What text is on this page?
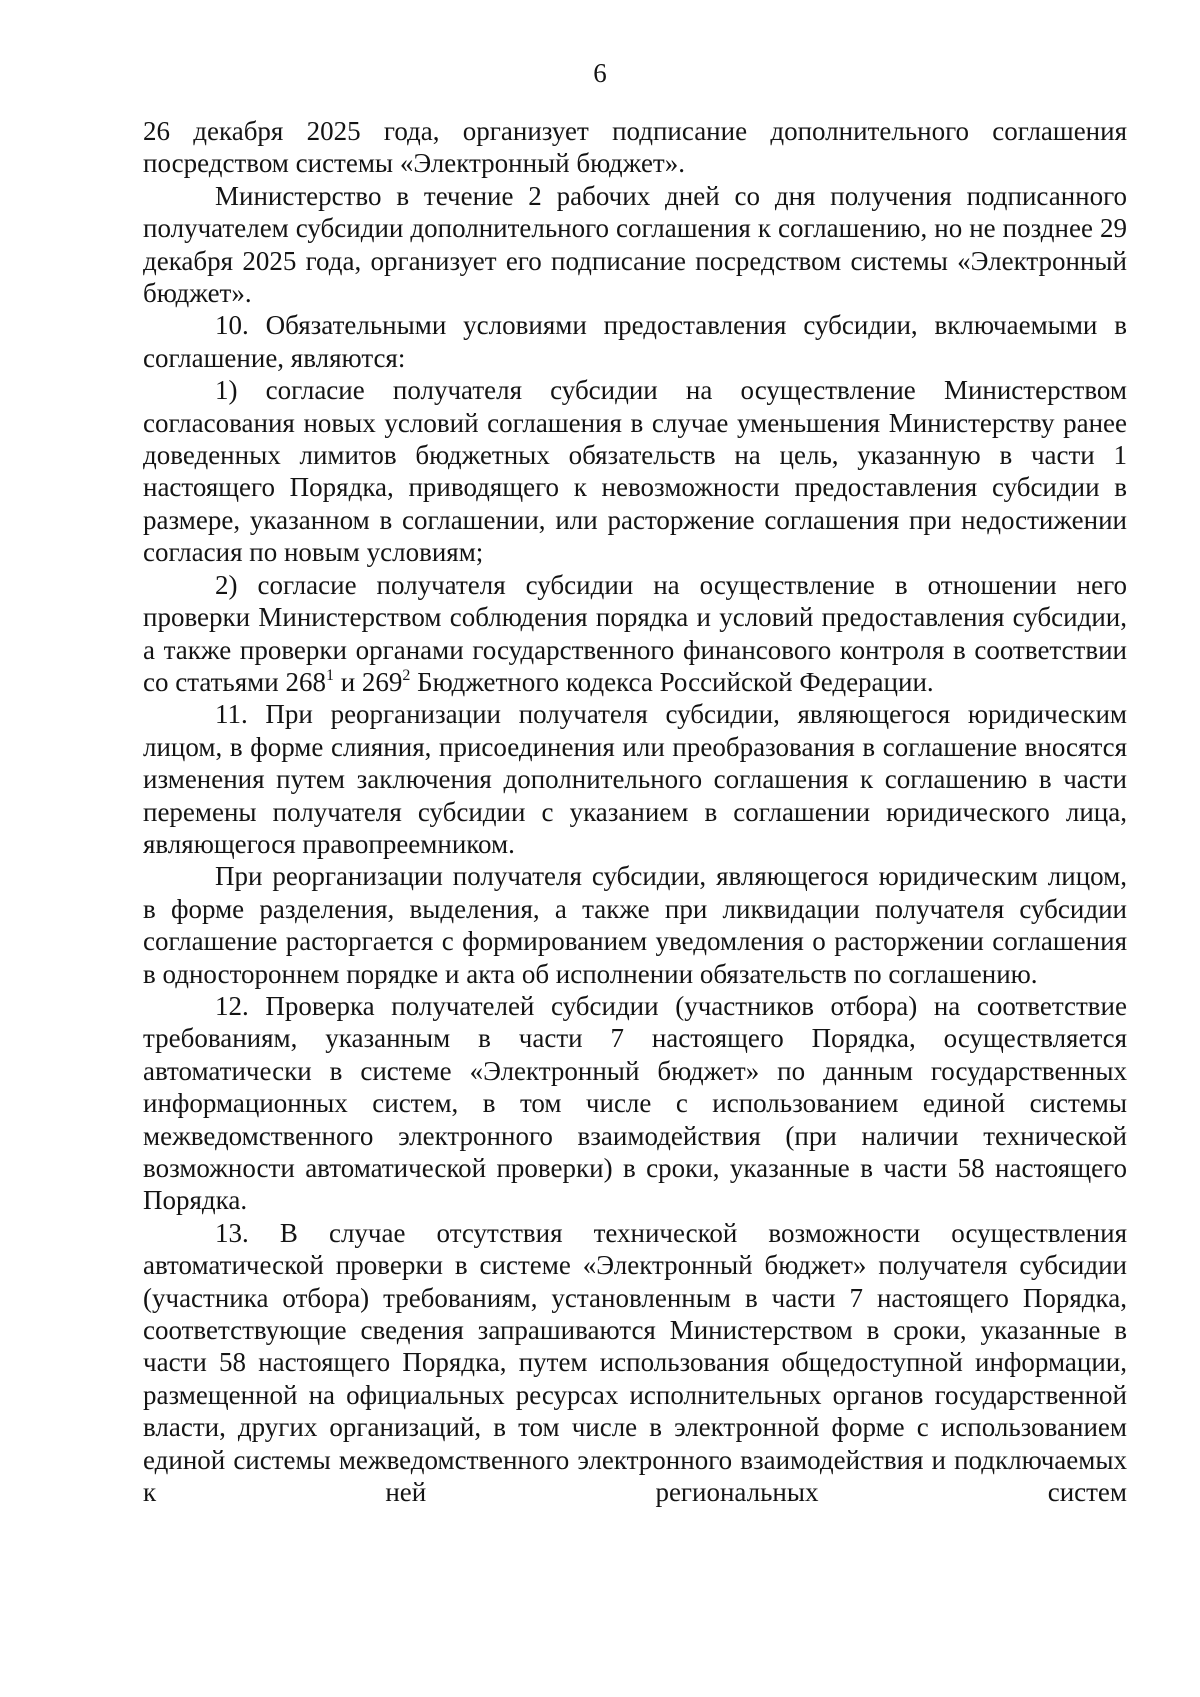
6

26 декабря 2025 года, организует подписание дополнительного соглашения посредством системы «Электронный бюджет».

Министерство в течение 2 рабочих дней со дня получения подписанного получателем субсидии дополнительного соглашения к соглашению, но не позднее 29 декабря 2025 года, организует его подписание посредством системы «Электронный бюджет».

10. Обязательными условиями предоставления субсидии, включаемыми в соглашение, являются:

1) согласие получателя субсидии на осуществление Министерством согласования новых условий соглашения в случае уменьшения Министерству ранее доведенных лимитов бюджетных обязательств на цель, указанную в части 1 настоящего Порядка, приводящего к невозможности предоставления субсидии в размере, указанном в соглашении, или расторжение соглашения при недостижении согласия по новым условиям;

2) согласие получателя субсидии на осуществление в отношении него проверки Министерством соблюдения порядка и условий предоставления субсидии, а также проверки органами государственного финансового контроля в соответствии со статьями $268^1$ и $269^2$ Бюджетного кодекса Российской Федерации.

11. При реорганизации получателя субсидии, являющегося юридическим лицом, в форме слияния, присоединения или преобразования в соглашение вносятся изменения путем заключения дополнительного соглашения к соглашению в части перемены получателя субсидии с указанием в соглашении юридического лица, являющегося правопреемником.

При реорганизации получателя субсидии, являющегося юридическим лицом, в форме разделения, выделения, а также при ликвидации получателя субсидии соглашение расторгается с формированием уведомления о расторжении соглашения в одностороннем порядке и акта об исполнении обязательств по соглашению.

12. Проверка получателей субсидии (участников отбора) на соответствие требованиям, указанным в части 7 настоящего Порядка, осуществляется автоматически в системе «Электронный бюджет» по данным государственных информационных систем, в том числе с использованием единой системы межведомственного электронного взаимодействия (при наличии технической возможности автоматической проверки) в сроки, указанные в части 58 настоящего Порядка.

13. В случае отсутствия технической возможности осуществления автоматической проверки в системе «Электронный бюджет» получателя субсидии (участника отбора) требованиям, установленным в части 7 настоящего Порядка, соответствующие сведения запрашиваются Министерством в сроки, указанные в части 58 настоящего Порядка, путем использования общедоступной информации, размещенной на официальных ресурсах исполнительных органов государственной власти, других организаций, в том числе в электронной форме с использованием единой системы межведомственного электронного взаимодействия и подключаемых к ней региональных систем
